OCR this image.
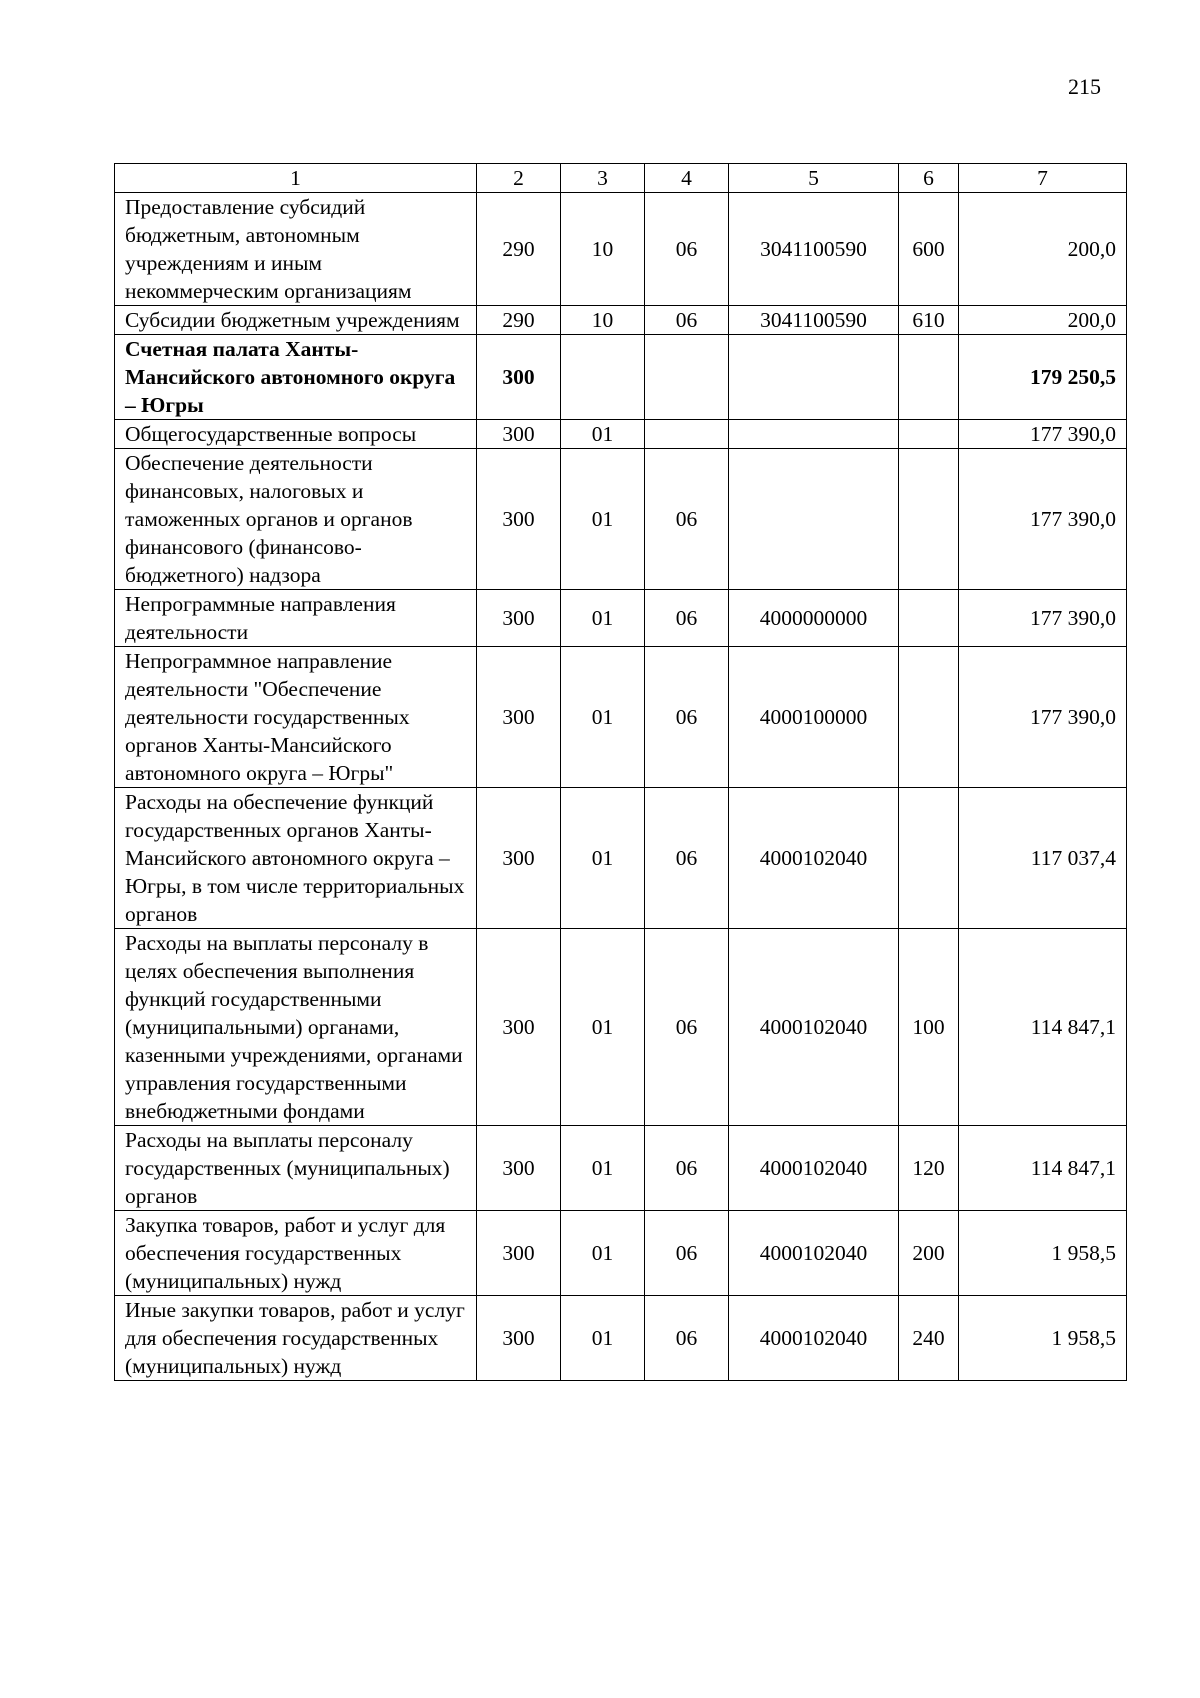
215
1	2	3	4	5	6	7
Предоставление субсидий бюджетным, автономным учреждениям и иным некоммерческим организациям	290	10	06	3041100590	600	200,0
Субсидии бюджетным учреждениям	290	10	06	3041100590	610	200,0
Счетная палата Ханты-Мансийского автономного округа – Югры	300					179 250,5
Общегосударственные вопросы	300	01				177 390,0
Обеспечение деятельности финансовых, налоговых и таможенных органов и органов финансового (финансово-бюджетного) надзора	300	01	06			177 390,0
Непрограммные направления деятельности	300	01	06	4000000000		177 390,0
Непрограммное направление деятельности "Обеспечение деятельности государственных органов Ханты-Мансийского автономного округа – Югры"	300	01	06	4000100000		177 390,0
Расходы на обеспечение функций государственных органов Ханты-Мансийского автономного округа – Югры, в том числе территориальных органов	300	01	06	4000102040		117 037,4
Расходы на выплаты персоналу в целях обеспечения выполнения функций государственными (муниципальными) органами, казенными учреждениями, органами управления государственными внебюджетными фондами	300	01	06	4000102040	100	114 847,1
Расходы на выплаты персоналу государственных (муниципальных) органов	300	01	06	4000102040	120	114 847,1
Закупка товаров, работ и услуг для обеспечения государственных (муниципальных) нужд	300	01	06	4000102040	200	1 958,5
Иные закупки товаров, работ и услуг для обеспечения государственных (муниципальных) нужд	300	01	06	4000102040	240	1 958,5
